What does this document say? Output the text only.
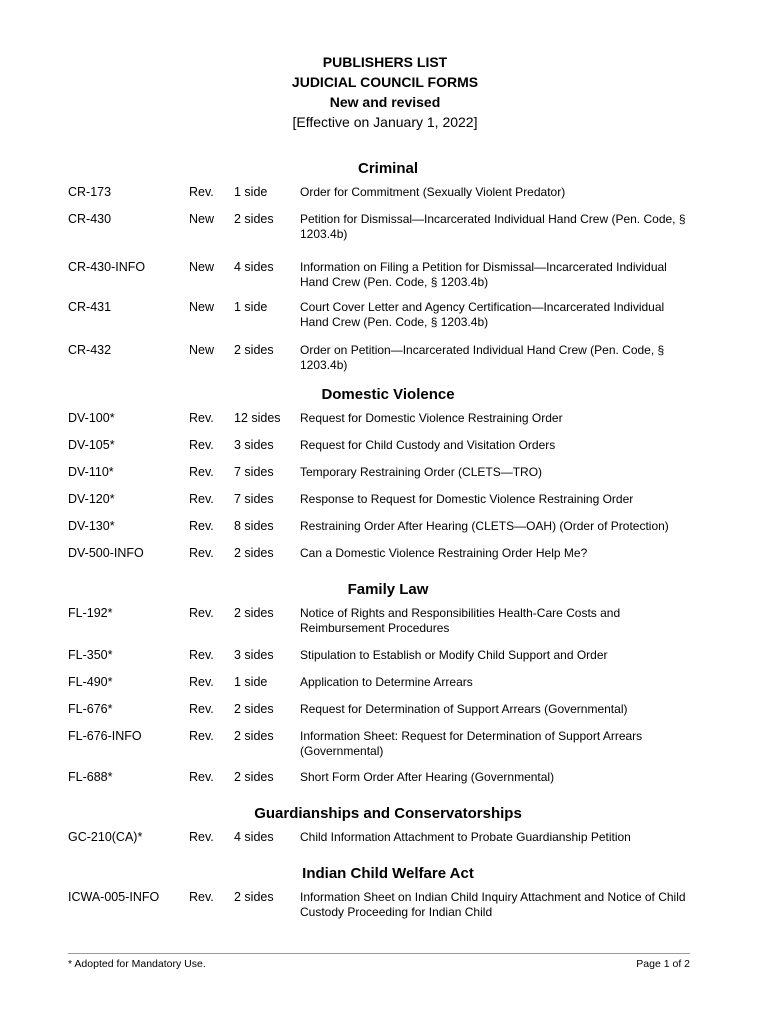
PUBLISHERS LIST
JUDICIAL COUNCIL FORMS
New and revised
[Effective on January 1, 2022]
Criminal
CR-173	Rev. 1 side	Order for Commitment (Sexually Violent Predator)
CR-430	New 2 sides Petition for Dismissal—Incarcerated Individual Hand Crew (Pen. Code, § 1203.4b)
CR-430-INFO	New 4 sides Information on Filing a Petition for Dismissal—Incarcerated Individual Hand Crew (Pen. Code, § 1203.4b)
CR-431	New 1 side	Court Cover Letter and Agency Certification—Incarcerated Individual Hand Crew (Pen. Code, § 1203.4b)
CR-432	New 2 sides Order on Petition—Incarcerated Individual Hand Crew (Pen. Code, § 1203.4b)
Domestic Violence
DV-100*	Rev. 12 sides Request for Domestic Violence Restraining Order
DV-105*	Rev. 3 sides Request for Child Custody and Visitation Orders
DV-110*	Rev. 7 sides Temporary Restraining Order (CLETS—TRO)
DV-120*	Rev. 7 sides Response to Request for Domestic Violence Restraining Order
DV-130*	Rev. 8 sides Restraining Order After Hearing (CLETS—OAH) (Order of Protection)
DV-500-INFO	Rev. 2 sides Can a Domestic Violence Restraining Order Help Me?
Family Law
FL-192*	Rev. 2 sides Notice of Rights and Responsibilities Health-Care Costs and Reimbursement Procedures
FL-350*	Rev. 3 sides Stipulation to Establish or Modify Child Support and Order
FL-490*	Rev. 1 side	Application to Determine Arrears
FL-676*	Rev. 2 sides Request for Determination of Support Arrears (Governmental)
FL-676-INFO	Rev. 2 sides Information Sheet: Request for Determination of Support Arrears (Governmental)
FL-688*	Rev. 2 sides Short Form Order After Hearing (Governmental)
Guardianships and Conservatorships
GC-210(CA)*	Rev. 4 sides Child Information Attachment to Probate Guardianship Petition
Indian Child Welfare Act
ICWA-005-INFO Rev. 2 sides Information Sheet on Indian Child Inquiry Attachment and Notice of Child Custody Proceeding for Indian Child
* Adopted for Mandatory Use.	Page 1 of 2
